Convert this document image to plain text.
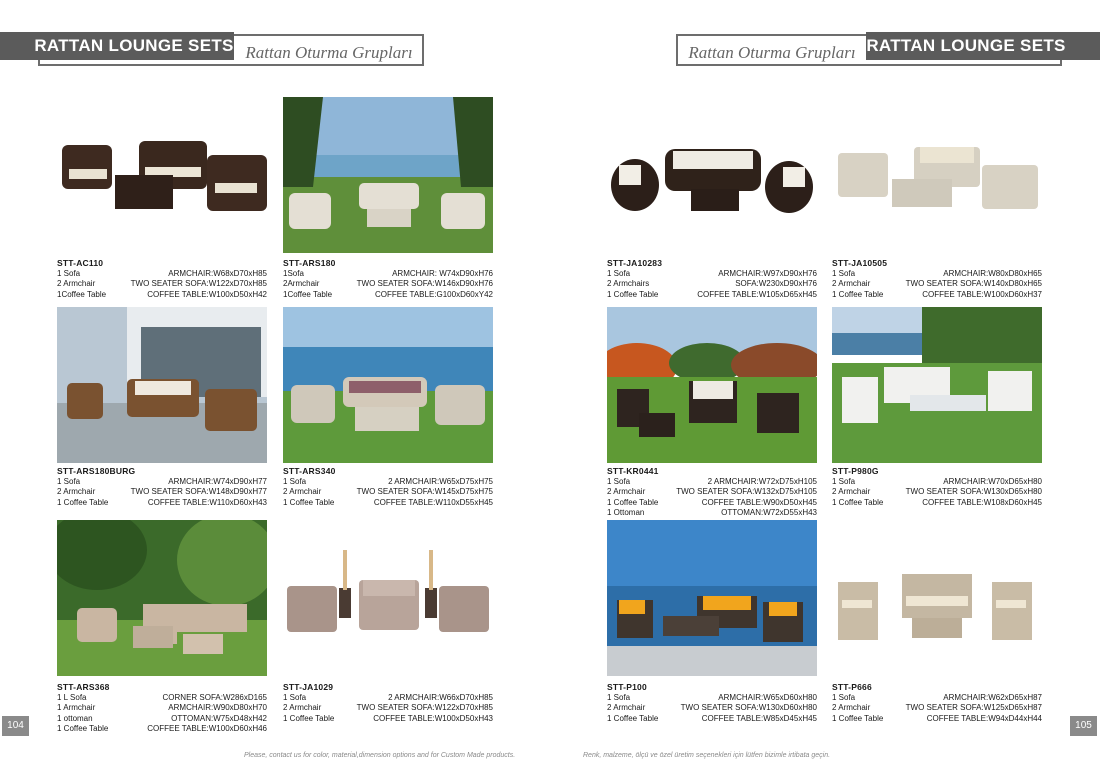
RATTAN LOUNGE SETS Rattan Oturma Grupları	Rattan Oturma Grupları RATTAN LOUNGE SETS
STT-AC110
1 Sofa	ARMCHAIR:W68xD70xH85
2 Armchair	TWO SEATER SOFA:W122xD70xH85
1Coffee Table	COFFEE TABLE:W100xD50xH42
STT-ARS180
1Sofa	ARMCHAIR: W74xD90xH76
2Armchair	TWO SEATER SOFA:W146xD90xH76
1Coffee Table	COFFEE TABLE:G100xD60xY42
STT-JA10283
1 Sofa	ARMCHAIR:W97xD90xH76
2 Armchairs	SOFA:W230xD90xH76
1 Coffee Table	COFFEE TABLE:W105xD65xH45
STT-JA10505
1 Sofa	ARMCHAIR:W80xD80xH65
2 Armchair	TWO SEATER SOFA:W140xD80xH65
1 Coffee Table	COFFEE TABLE:W100xD60xH37
STT-ARS180BURG
1 Sofa	ARMCHAIR:W74xD90xH77
2 Armchair	TWO SEATER SOFA:W148xD90xH77
1 Coffee Table	COFFEE TABLE:W110xD60xH43
STT-ARS340
1 Sofa	2 ARMCHAIR:W65xD75xH75
2 Armchair	TWO SEATER SOFA:W145xD75xH75
1 Coffee Table	COFFEE TABLE:W110xD55xH45
STT-KR0441
1 Sofa	2 ARMCHAIR:W72xD75xH105
2 Armchair	TWO SEATER SOFA:W132xD75xH105
1 Coffee Table	COFFEE TABLE:W90xD50xH45
1 Ottoman	OTTOMAN:W72xD55xH43
STT-P980G
1 Sofa	ARMCHAIR:W70xD65xH80
2 Armchair	TWO SEATER SOFA:W130xD65xH80
1 Coffee Table	COFFEE TABLE:W108xD60xH45
STT-ARS368
1 L Sofa	CORNER SOFA:W286xD165
1 Armchair	ARMCHAIR:W90xD80xH70
1 ottoman	OTTOMAN:W75xD48xH42
1 Coffee Table	COFFEE TABLE:W100xD60xH46
STT-JA1029
1 Sofa	2 ARMCHAIR:W66xD70xH85
2 Armchair	TWO SEATER SOFA:W122xD70xH85
1 Coffee Table	COFFEE TABLE:W100xD50xH43
STT-P100
1 Sofa	ARMCHAIR:W65xD60xH80
2 Armchair	TWO SEATER SOFA:W130xD60xH80
1 Coffee Table	COFFEE TABLE:W85xD45xH45
STT-P666
1 Sofa	ARMCHAIR:W62xD65xH87
2 Armchair	TWO SEATER SOFA:W125xD65xH87
1 Coffee Table	COFFEE TABLE:W94xD44xH44
104	105
Please, contact us for color, material,dimension options and for Custom Made products.	Renk, malzeme, ölçü ve özel üretim seçenekleri için lütfen bizimle irtibata geçin.
